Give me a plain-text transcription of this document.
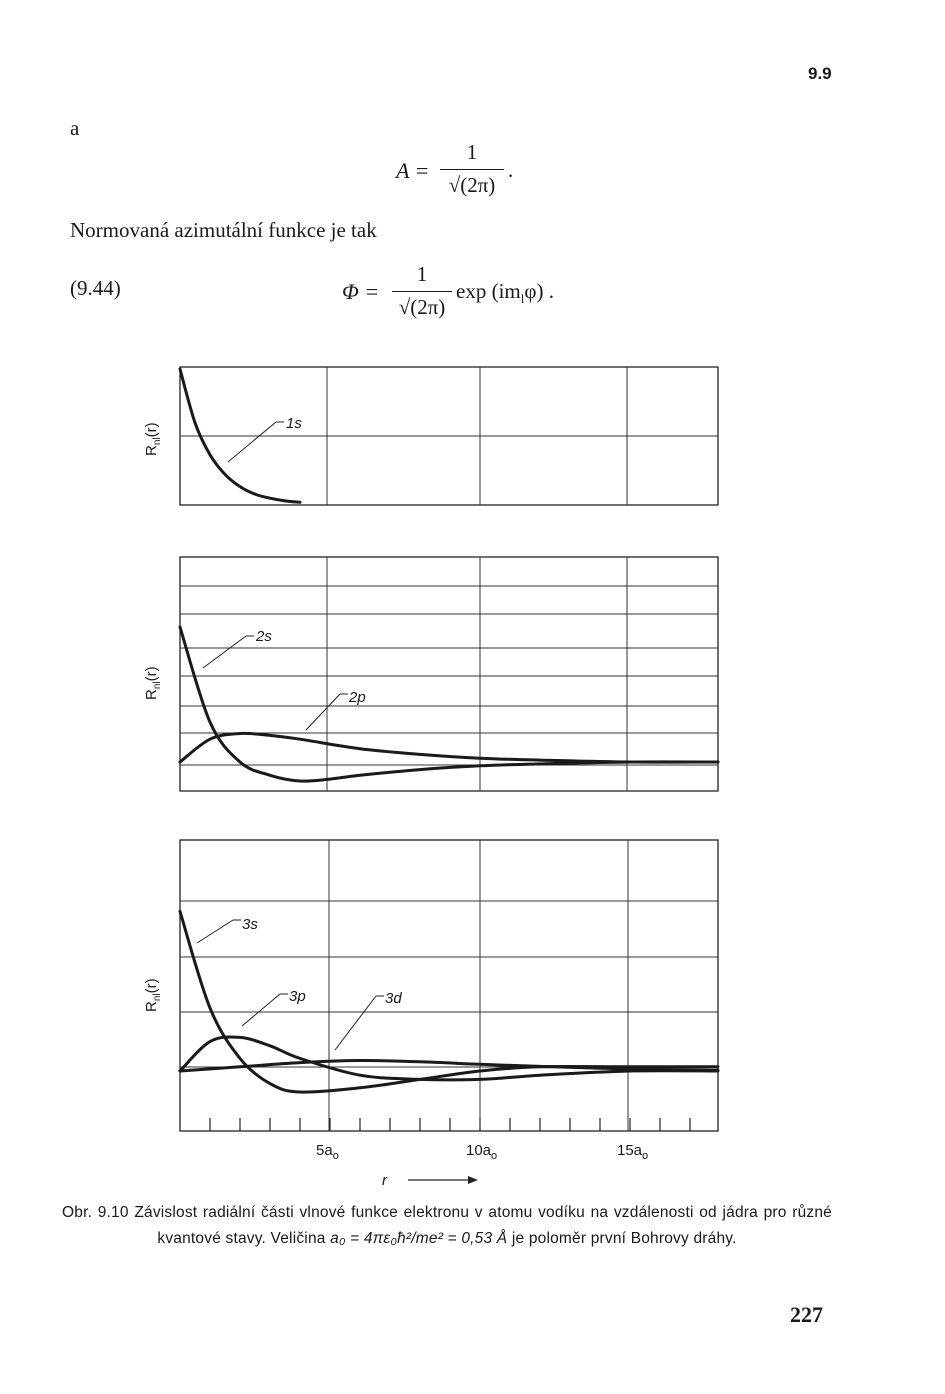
9.9
227
a
A =
1
√(2π)
.
Normovaná azimutální funkce je tak
(9.44)	Φ =
1
√(2π)
$\exp (im_l\varphi)$ .
$R_{nl}(r)$
$R_{nl}(r)$
$R_{nl}(r)$
1s
2s
2p
3s
3p	3d
$5a_o$	$10a_o$	$15a_o$
r
Obr. 9.10 Závislost radiální části vlnové funkce elektronu v atomu vodíku na vzdálenosti od jádra pro různé kvantové stavy. Veličina a₀ = 4πε₀ħ²/me² = 0,53 Å je poloměr první Bohrovy dráhy.
